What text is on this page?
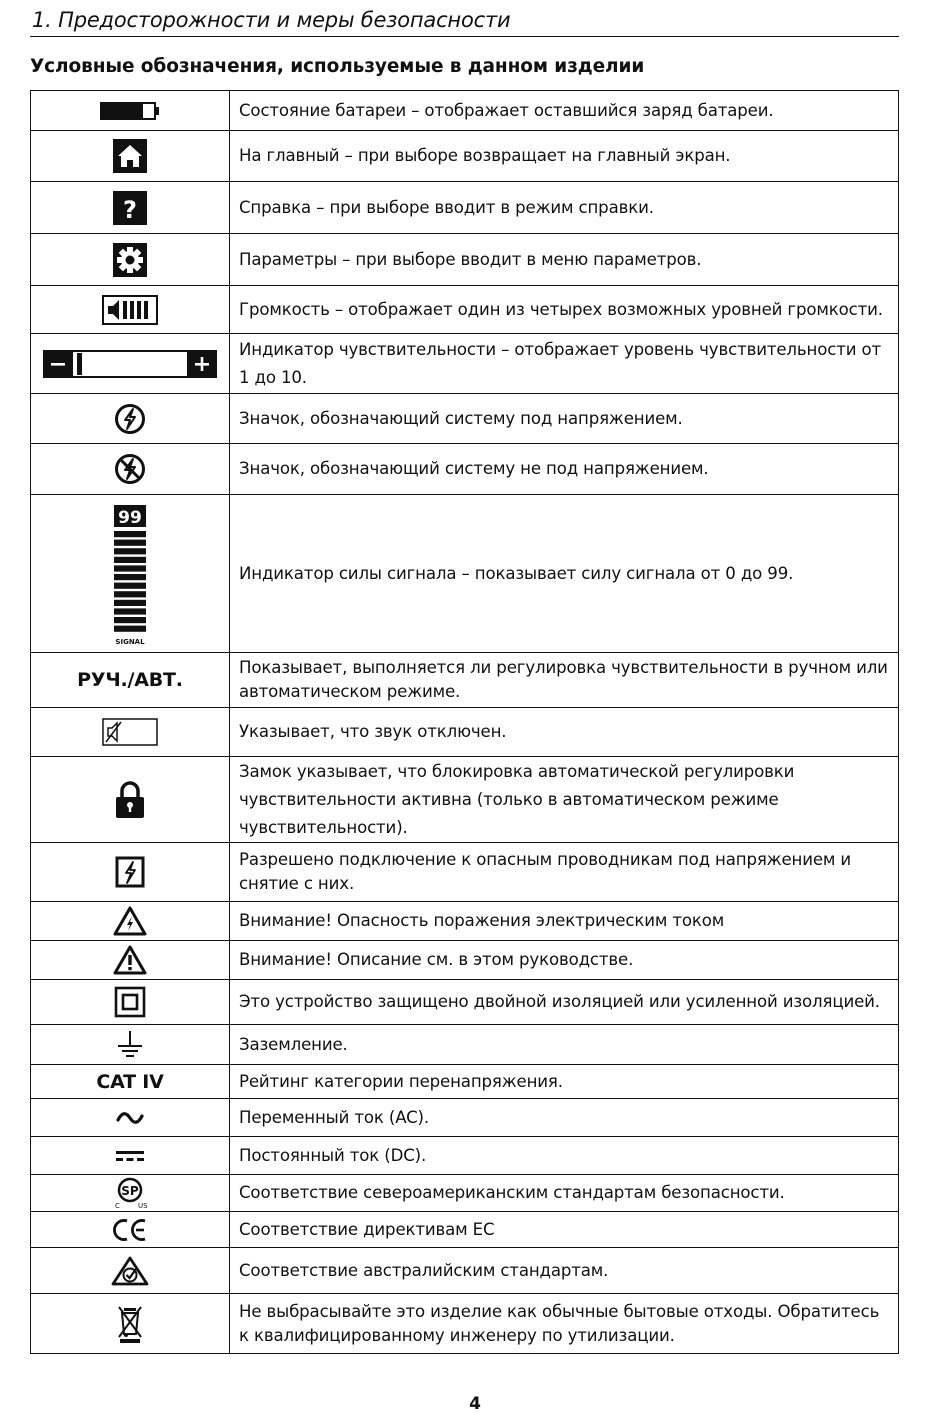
1. Предосторожности и меры безопасности
Условные обозначения, используемые в данном изделии
	Состояние батареи – отображает оставшийся заряд батареи.

	На главный – при выборе возвращает на главный экран.

?	Справка – при выборе вводит в режим справки.

	Параметры – при выборе вводит в меню параметров.

	Громкость – отображает один из четырех возможных уровней громкости.

	Индикатор чувствительности – отображает уровень чувствительности от 1 до 10.

	Значок, обозначающий систему под напряжением.

	Значок, обозначающий систему не под напряжением.

99
SIGNAL	Индикатор силы сигнала – показывает силу сигнала от 0 до 99.
РУЧ./АВТ.	Показывает, выполняется ли регулировка чувствительности в ручном или автоматическом режиме.

	Указывает, что звук отключен.

	Замок указывает, что блокировка автоматической регулировки чувствительности активна (только в автоматическом режиме чувствительности).

	Разрешено подключение к опасным проводникам под напряжением и снятие с них.

	Внимание! Опасность поражения электрическим током

	Внимание! Описание см. в этом руководстве.

	Это устройство защищено двойной изоляцией или усиленной изоляцией.

	Заземление.
CAT IV	Рейтинг категории перенапряжения.

	Переменный ток (AC).

	Постоянный ток (DC).

SP
C US	Соответствие североамериканским стандартам безопасности.

	Соответствие директивам ЕС

	Соответствие австралийским стандартам.

	Не выбрасывайте это изделие как обычные бытовые отходы. Обратитесь к квалифицированному инженеру по утилизации.
4
